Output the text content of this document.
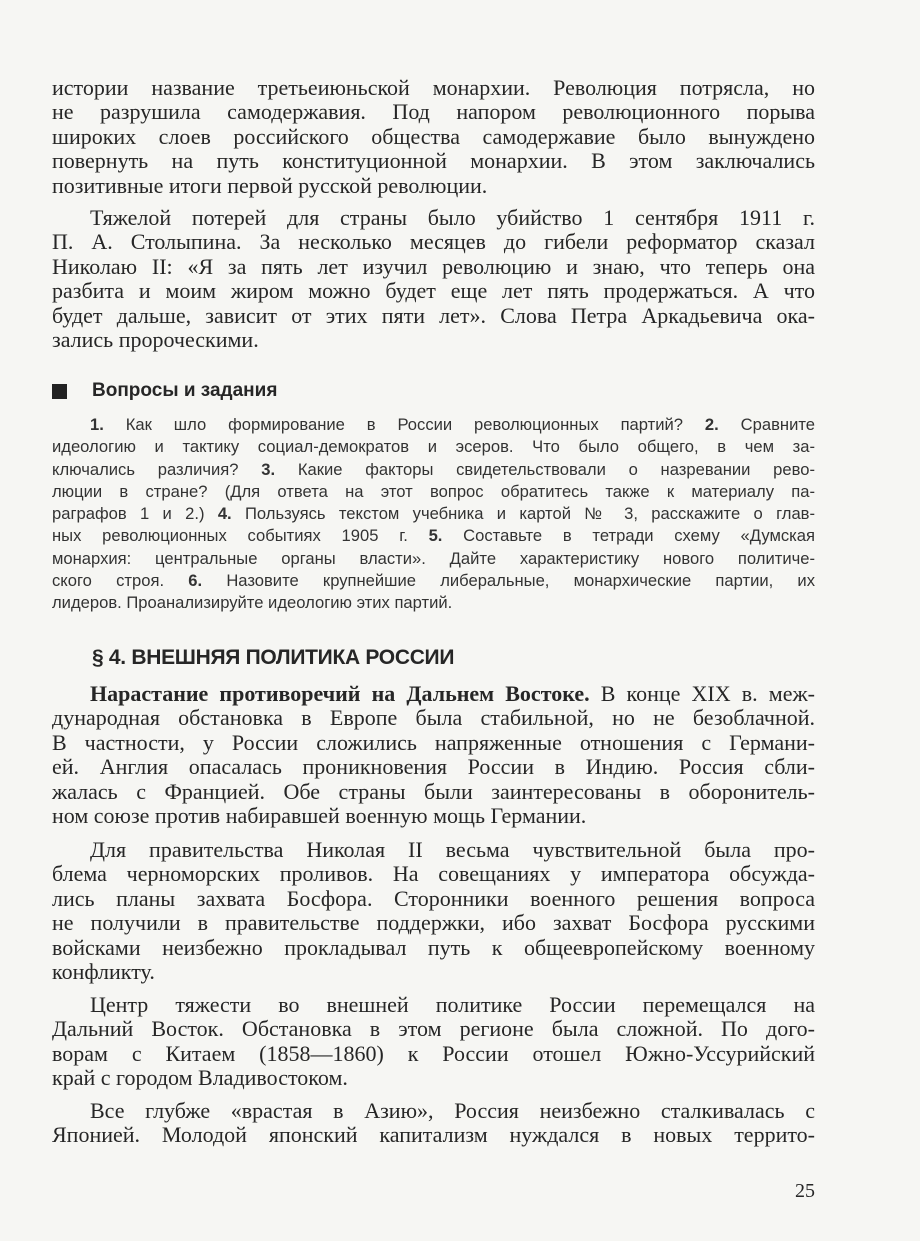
истории название третьеиюньской монархии. Революция потрясла, но
не разрушила самодержавия. Под напором революционного порыва
широких слоев российского общества самодержавие было вынуждено
повернуть на путь конституционной монархии. В этом заключались
позитивные итоги первой русской революции.
Тяжелой потерей для страны было убийство 1 сентября 1911 г.
П. А. Столыпина. За несколько месяцев до гибели реформатор сказал
Николаю II: «Я за пять лет изучил революцию и знаю, что теперь она
разбита и моим жиром можно будет еще лет пять продержаться. А что
будет дальше, зависит от этих пяти лет». Слова Петра Аркадьевича ока-
зались пророческими.
Вопросы и задания
1. Как шло формирование в России революционных партий? 2. Сравните
идеологию и тактику социал-демократов и эсеров. Что было общего, в чем за-
ключались различия? 3. Какие факторы свидетельствовали о назревании рево-
люции в стране? (Для ответа на этот вопрос обратитесь также к материалу па-
раграфов 1 и 2.) 4. Пользуясь текстом учебника и картой № 3, расскажите о глав-
ных революционных событиях 1905 г. 5. Составьте в тетради схему «Думская
монархия: центральные органы власти». Дайте характеристику нового политиче-
ского строя. 6. Назовите крупнейшие либеральные, монархические партии, их
лидеров. Проанализируйте идеологию этих партий.
§ 4. ВНЕШНЯЯ ПОЛИТИКА РОССИИ
Нарастание противоречий на Дальнем Востоке. В конце XIX в. меж-
дународная обстановка в Европе была стабильной, но не безоблачной.
В частности, у России сложились напряженные отношения с Германи-
ей. Англия опасалась проникновения России в Индию. Россия сбли-
жалась с Францией. Обе страны были заинтересованы в оборонитель-
ном союзе против набиравшей военную мощь Германии.
Для правительства Николая II весьма чувствительной была про-
блема черноморских проливов. На совещаниях у императора обсужда-
лись планы захвата Босфора. Сторонники военного решения вопроса
не получили в правительстве поддержки, ибо захват Босфора русскими
войсками неизбежно прокладывал путь к общеевропейскому военному
конфликту.
Центр тяжести во внешней политике России перемещался на
Дальний Восток. Обстановка в этом регионе была сложной. По дого-
ворам с Китаем (1858—1860) к России отошел Южно-Уссурийский
край с городом Владивостоком.
Все глубже «врастая в Азию», Россия неизбежно сталкивалась с
Японией. Молодой японский капитализм нуждался в новых террито-
25
